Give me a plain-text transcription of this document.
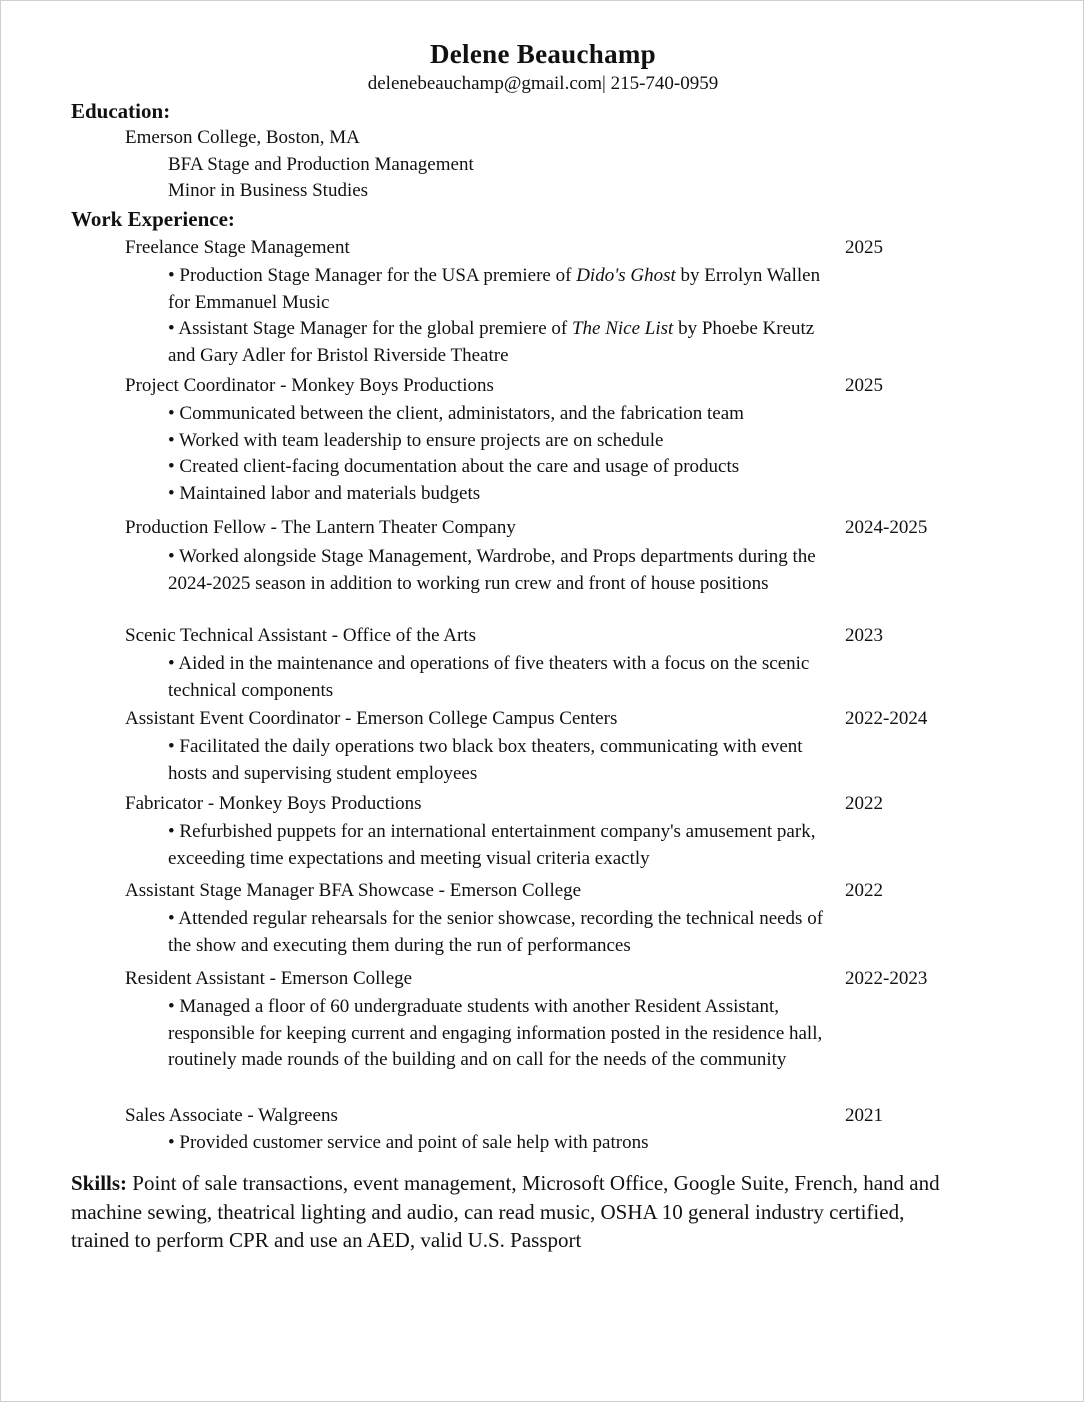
Delene Beauchamp
delenebeauchamp@gmail.com| 215-740-0959
Education:
Emerson College, Boston, MA
BFA Stage and Production Management
Minor in Business Studies
Work Experience:
Freelance Stage Management	2025
• Production Stage Manager for the USA premiere of Dido's Ghost by Errolyn Wallen for Emmanuel Music
• Assistant Stage Manager for the global premiere of The Nice List by Phoebe Kreutz and Gary Adler for Bristol Riverside Theatre
Project Coordinator - Monkey Boys Productions	2025
• Communicated between the client, administators, and the fabrication team
• Worked with team leadership to ensure projects are on schedule
• Created client-facing documentation about the care and usage of products
• Maintained labor and materials budgets
Production Fellow - The Lantern Theater Company	2024-2025
• Worked alongside Stage Management, Wardrobe, and Props departments during the 2024-2025 season in addition to working run crew and front of house positions
Scenic Technical Assistant - Office of the Arts	2023
• Aided in the maintenance and operations of five theaters with a focus on the scenic technical components
Assistant Event Coordinator - Emerson College Campus Centers	2022-2024
• Facilitated the daily operations two black box theaters, communicating with event hosts and supervising student employees
Fabricator - Monkey Boys Productions	2022
• Refurbished puppets for an international entertainment company's amusement park, exceeding time expectations and meeting visual criteria exactly
Assistant Stage Manager BFA Showcase - Emerson College	2022
• Attended regular rehearsals for the senior showcase, recording the technical needs of the show and executing them during the run of performances
Resident Assistant - Emerson College	2022-2023
• Managed a floor of 60 undergraduate students with another Resident Assistant, responsible for keeping current and engaging information posted in the residence hall, routinely made rounds of the building and on call for the needs of the community
Sales Associate - Walgreens	2021
• Provided customer service and point of sale help with patrons
Skills: Point of sale transactions, event management, Microsoft Office, Google Suite, French, hand and machine sewing, theatrical lighting and audio, can read music, OSHA 10 general industry certified, trained to perform CPR and use an AED, valid U.S. Passport
